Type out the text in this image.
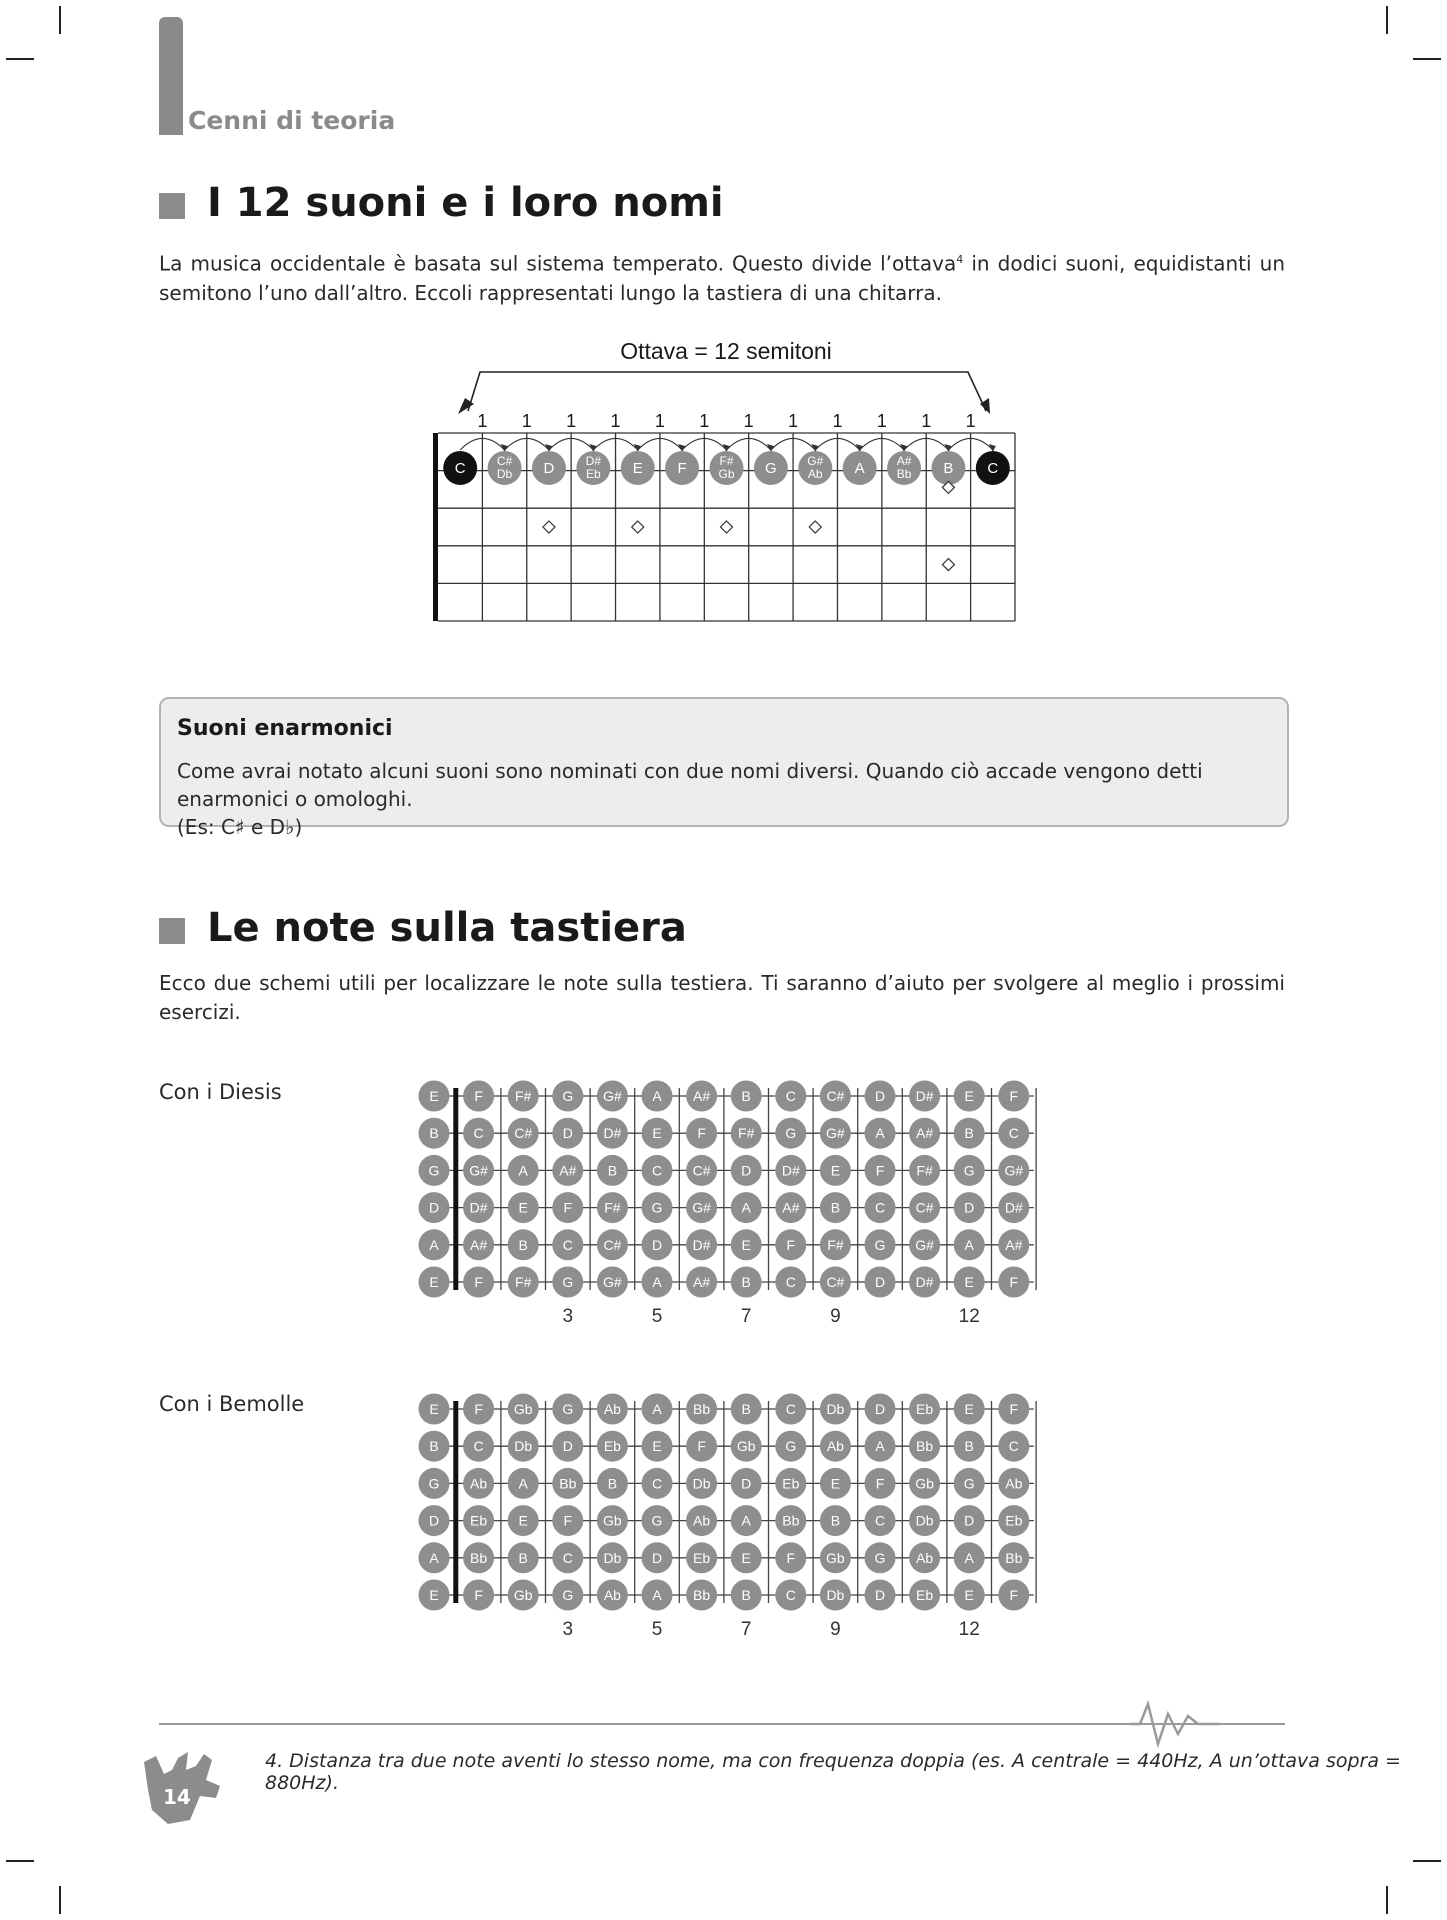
Cenni di teoria
I 12 suoni e i loro nomi
La musica occidentale è basata sul sistema temperato. Questo divide l’ottava$^4$ in dodici suoni, equidistanti un semitono l’uno dall’altro. Eccoli rappresentati lungo la tastiera di una chitarra.
Ottava = 12 semitoni
1 1 1 1 1 1 1 1 1 1 1 1
C	C#
Db D	D#
Eb E F	F#
Gb G	G#
Ab A	A#
Bb B C
Suoni enarmonici
Come avrai notato alcuni suoni sono nominati con due nomi diversi. Quando ciò accade vengono detti enarmonici o omologhi.
(Es: C♯ e D♭)
Le note sulla tastiera
Ecco due schemi utili per localizzare le note sulla testiera. Ti saranno d’aiuto per svolgere al meglio i prossimi esercizi.
Con i Diesis	E	F F# G G# A A# B C C# D D# E	F
B C C# D D# E	F F# G G# A A# B C
G G# A A# B C C# D D# E	F F# G G#
D D# E	F F# G G# A A# B C C# D D#
A A# B C C# D D# E	F F# G G# A A#
E	F F# G G# A A# B C C# D D# E	F
3	5	7	9	12
Con i Bemolle	E	F Gb G Ab A Bb B C Db D Eb E	F
B C Db D Eb E	F Gb G Ab A Bb B C
G Ab A Bb B C Db D Eb E	F Gb G Ab
D Eb E	F Gb G Ab A Bb B C Db D Eb
A Bb B C Db D Eb E	F Gb G Ab A Bb
E	F Gb G Ab A Bb B C Db D Eb E	F
3	5	7	9	12
4. Distanza tra due note aventi lo stesso nome, ma con frequenza doppia (es. A centrale = 440Hz, A un’ottava sopra = 880Hz).
14
